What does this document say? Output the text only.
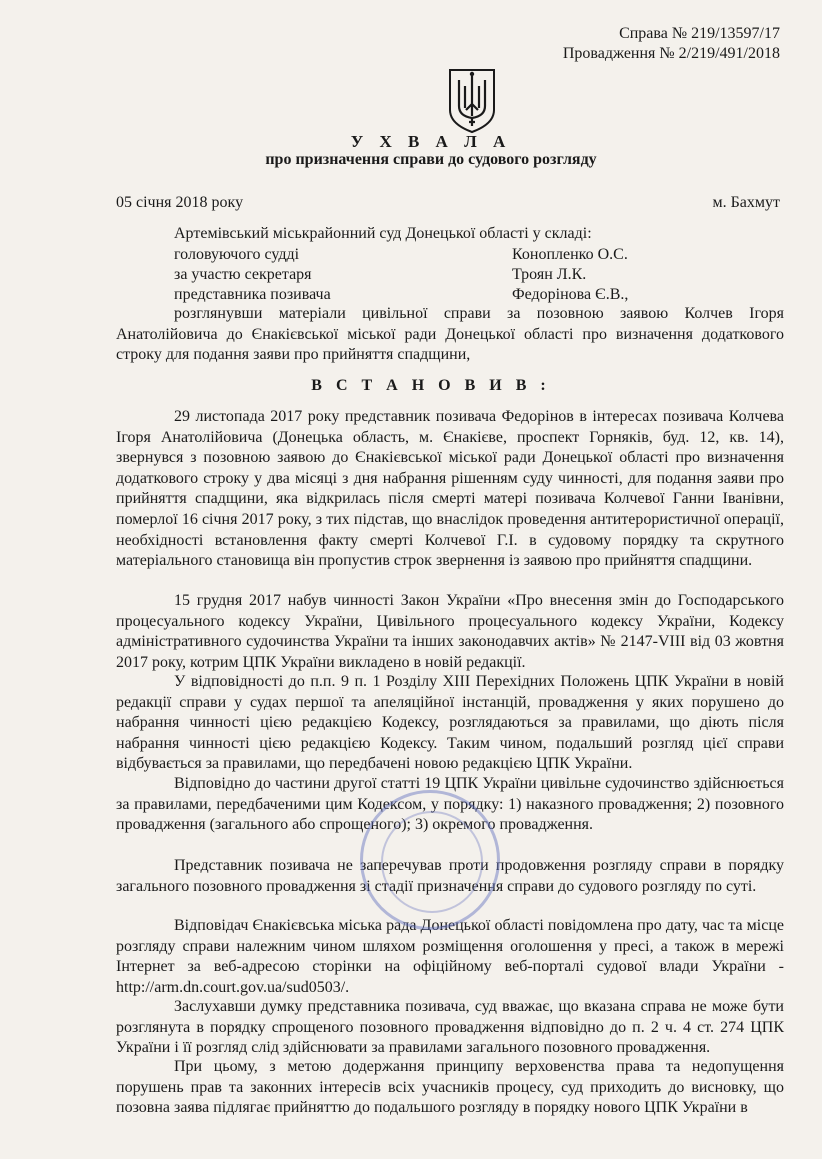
Справа № 219/13597/17
Провадження № 2/219/491/2018
У Х В А Л А
про призначення справи до судового розгляду
05 січня 2018 року	м. Бахмут
Артемівський міськрайонний суд Донецької області у складі:
головуючого судді	Коноплeнко О.С.
за участю секретаря	Троян Л.К.
представника позивача	Федорінова Є.В.,

розглянувши матеріали цивільної справи за позовною заявою Колчев Ігоря Анатолійовича до Єнакієвської міської ради Донецької області про визначення додаткового строку для подання заяви про прийняття спадщини,

В С Т А Н О В И В :

29 листопада 2017 року представник позивача Федорінов в інтересах позивача Колчева Ігоря Анатолійовича (Донецька область, м. Єнакієве, проспект Горняків, буд. 12, кв. 14), звернувся з позовною заявою до Єнакієвської міської ради Донецької області про визначення додаткового строку у два місяці з дня набрання рішенням суду чинності, для подання заяви про прийняття спадщини, яка відкрилась після смерті матері позивача Колчевої Ганни Іванівни, померлої 16 січня 2017 року, з тих підстав, що внаслідок проведення антитерористичної операції, необхідності встановлення факту смерті Колчевої Г.І. в судовому порядку та скрутного матеріального становища він пропустив строк звернення із заявою про прийняття спадщини.

15 грудня 2017 набув чинності Закон України «Про внесення змін до Господарського процесуального кодексу України, Цивільного процесуального кодексу України, Кодексу адміністративного судочинства України та інших законодавчих актів» № 2147-VIII від 03 жовтня 2017 року, котрим ЦПК України викладено в новій редакції.

У відповідності до п.п. 9 п. 1 Розділу XIII Перехідних Положень ЦПК України в новій редакції справи у судах першої та апеляційної інстанцій, провадження у яких порушено до набрання чинності цією редакцією Кодексу, розглядаються за правилами, що діють після набрання чинності цією редакцією Кодексу. Таким чином, подальший розгляд цієї справи відбувається за правилами, що передбачені новою редакцією ЦПК України.

Відповідно до частини другої статті 19 ЦПК України цивільне судочинство здійснюється за правилами, передбаченими цим Кодексом, у порядку: 1) наказного провадження; 2) позовного провадження (загального або спрощеного); 3) окремого провадження.

Представник позивача не заперечував проти продовження розгляду справи в порядку загального позовного провадження зі стадії призначення справи до судового розгляду по суті.

Відповідач Єнакієвська міська рада Донецької області повідомлена про дату, час та місце розгляду справи належним чином шляхом розміщення оголошення у пресі, а також в мережі Інтернет за веб-адресою сторінки на офіційному веб-порталі судової влади України - http://arm.dn.court.gov.ua/sud0503/.

Заслухавши думку представника позивача, суд вважає, що вказана справа не може бути розглянута в порядку спрощеного позовного провадження відповідно до п. 2 ч. 4 ст. 274 ЦПК України і її розгляд слід здійснювати за правилами загального позовного провадження.

При цьому, з метою додержання принципу верховенства права та недопущення порушень прав та законних інтересів всіх учасників процесу, суд приходить до висновку, що позовна заява підлягає прийняттю до подальшого розгляду в порядку нового ЦПК України в
